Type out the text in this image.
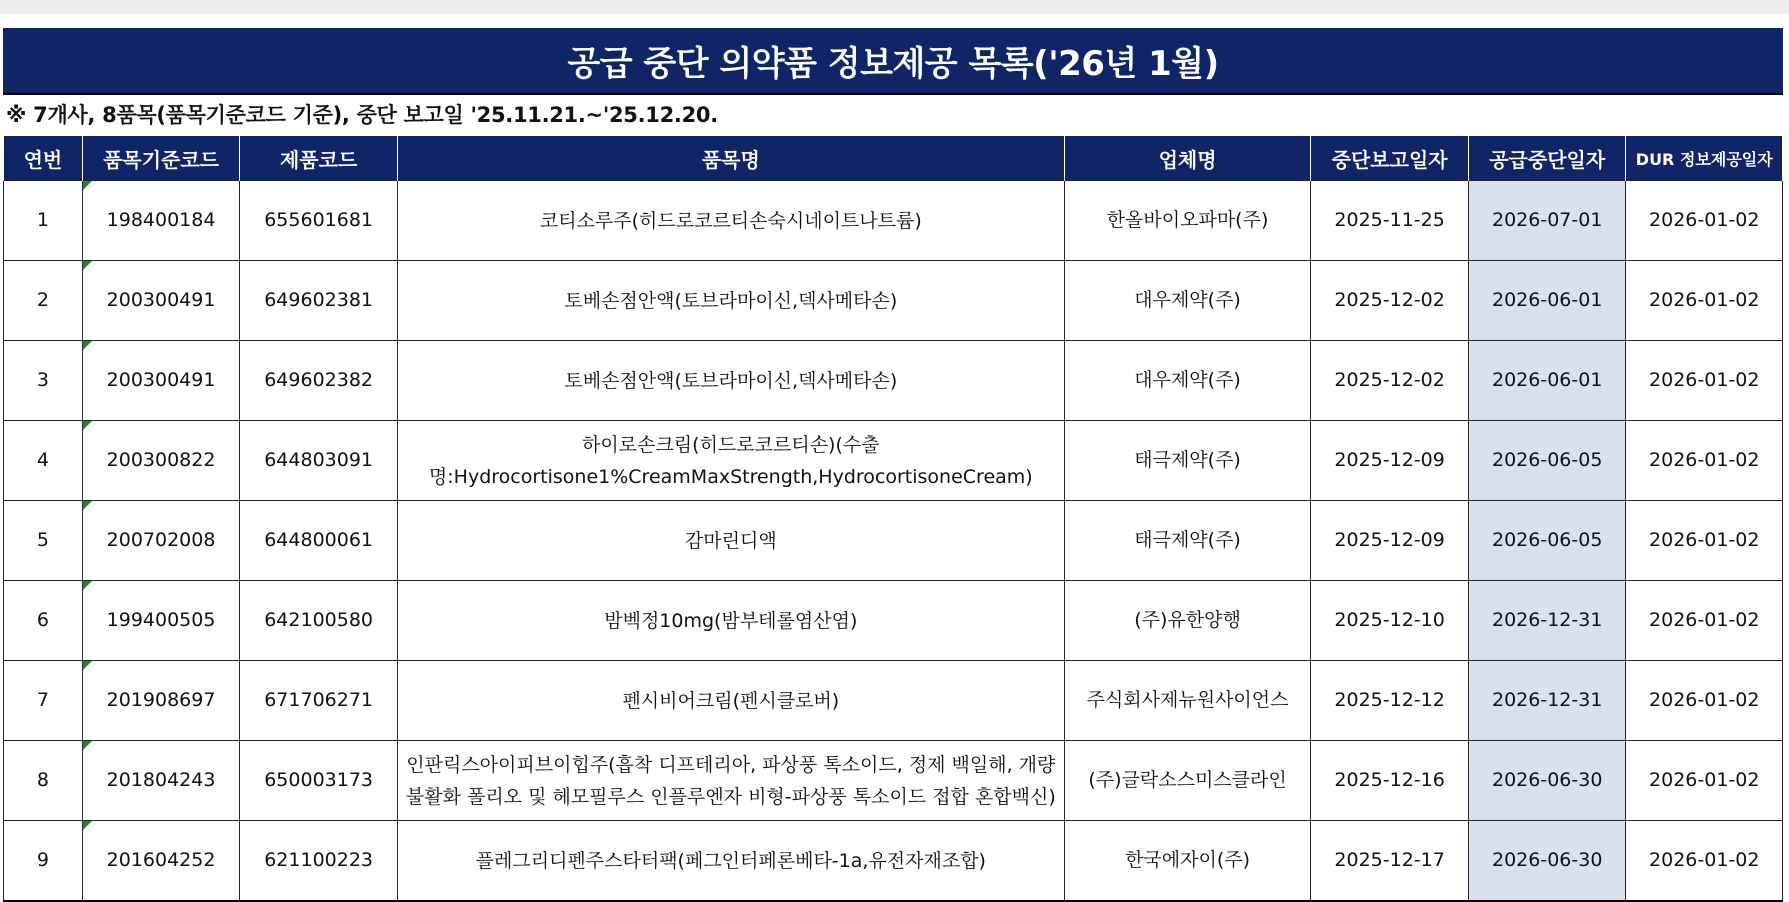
공급 중단 의약품 정보제공 목록('26년 1월)
※ 7개사, 8품목(품목기준코드 기준), 중단 보고일 '25.11.21.~'25.12.20.
연번	품목기준코드	제품코드	품목명	업체명	중단보고일자	공급중단일자	DUR 정보제공일자
1	198400184	655601681	코티소루주(히드로코르티손숙시네이트나트륨)	한올바이오파마(주)	2025-11-25	2026-07-01	2026-01-02
2	200300491	649602381	토베손점안액(토브라마이신,덱사메타손)	대우제약(주)	2025-12-02	2026-06-01	2026-01-02
3	200300491	649602382	토베손점안액(토브라마이신,덱사메타손)	대우제약(주)	2025-12-02	2026-06-01	2026-01-02
4	200300822	644803091	하이로손크림(히드로코르티손)(수출명:Hydrocortisone1%CreamMaxStrength,HydrocortisoneCream)	태극제약(주)	2025-12-09	2026-06-05	2026-01-02
5	200702008	644800061	감마린디액	태극제약(주)	2025-12-09	2026-06-05	2026-01-02
6	199400505	642100580	밤벡정10mg(밤부테롤염산염)	(주)유한양행	2025-12-10	2026-12-31	2026-01-02
7	201908697	671706271	펜시비어크림(펜시클로버)	주식회사제뉴원사이언스	2025-12-12	2026-12-31	2026-01-02
8	201804243	650003173	인판릭스아이피브이힙주(흡착 디프테리아, 파상풍 톡소이드, 정제 백일해, 개량 불활화 폴리오 및 헤모필루스 인플루엔자 비형-파상풍 톡소이드 접합 혼합백신)	(주)글락소스미스클라인	2025-12-16	2026-06-30	2026-01-02
9	201604252	621100223	플레그리디펜주스타터팩(페그인터페론베타-1a,유전자재조합)	한국에자이(주)	2025-12-17	2026-06-30	2026-01-02
